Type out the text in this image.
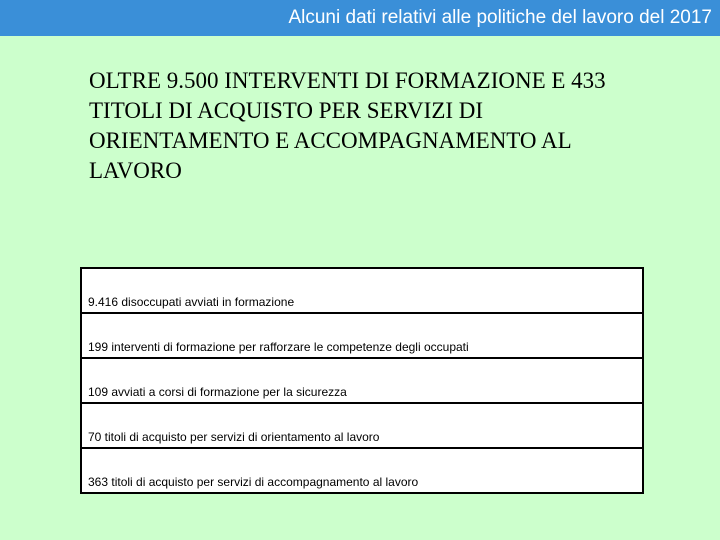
Alcuni dati relativi alle politiche del lavoro del 2017
OLTRE 9.500 INTERVENTI DI FORMAZIONE E 433 TITOLI DI ACQUISTO PER SERVIZI DI ORIENTAMENTO E ACCOMPAGNAMENTO AL LAVORO
9.416 disoccupati avviati in formazione

199 interventi di formazione per rafforzare le competenze degli occupati

109 avviati a corsi di formazione per la sicurezza

70 titoli di acquisto per servizi di orientamento al lavoro

363 titoli di acquisto per servizi di accompagnamento al lavoro
